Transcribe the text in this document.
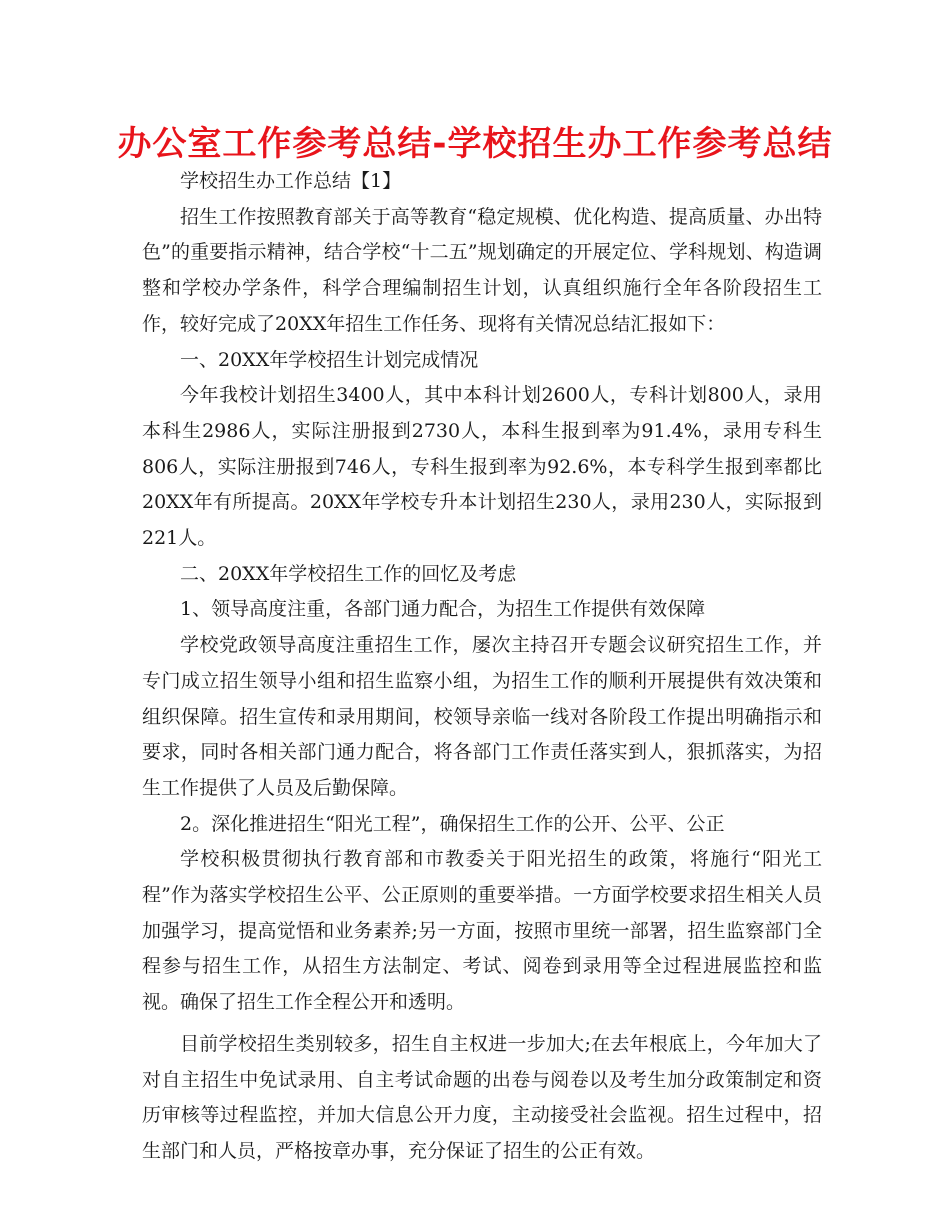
办公室工作参考总结-学校招生办工作参考总结

学校招生办工作总结【1】

招生工作按照教育部关于高等教育“稳定规模、优化构造、提高质量、办出特色”的重要指示精神，结合学校“十二五”规划确定的开展定位、学科规划、构造调整和学校办学条件，科学合理编制招生计划，认真组织施行全年各阶段招生工作，较好完成了20XX年招生工作任务、现将有关情况总结汇报如下：

一、20XX年学校招生计划完成情况

今年我校计划招生3400人，其中本科计划2600人，专科计划800人，录用本科生2986人，实际注册报到2730人，本科生报到率为91.4%，录用专科生806人，实际注册报到746人，专科生报到率为92.6%，本专科学生报到率都比20XX年有所提高。20XX年学校专升本计划招生230人，录用230人，实际报到221人。

二、20XX年学校招生工作的回忆及考虑

1、领导高度注重，各部门通力配合，为招生工作提供有效保障

学校党政领导高度注重招生工作，屡次主持召开专题会议研究招生工作，并专门成立招生领导小组和招生监察小组，为招生工作的顺利开展提供有效决策和组织保障。招生宣传和录用期间，校领导亲临一线对各阶段工作提出明确指示和要求，同时各相关部门通力配合，将各部门工作责任落实到人，狠抓落实，为招生工作提供了人员及后勤保障。

2。深化推进招生“阳光工程”，确保招生工作的公开、公平、公正

学校积极贯彻执行教育部和市教委关于阳光招生的政策，将施行“阳光工程”作为落实学校招生公平、公正原则的重要举措。一方面学校要求招生相关人员加强学习，提高觉悟和业务素养;另一方面，按照市里统一部署，招生监察部门全程参与招生工作，从招生方法制定、考试、阅卷到录用等全过程进展监控和监视。确保了招生工作全程公开和透明。

目前学校招生类别较多，招生自主权进一步加大;在去年根底上，今年加大了对自主招生中免试录用、自主考试命题的出卷与阅卷以及考生加分政策制定和资历审核等过程监控，并加大信息公开力度，主动接受社会监视。招生过程中，招生部门和人员，严格按章办事，充分保证了招生的公正有效。
